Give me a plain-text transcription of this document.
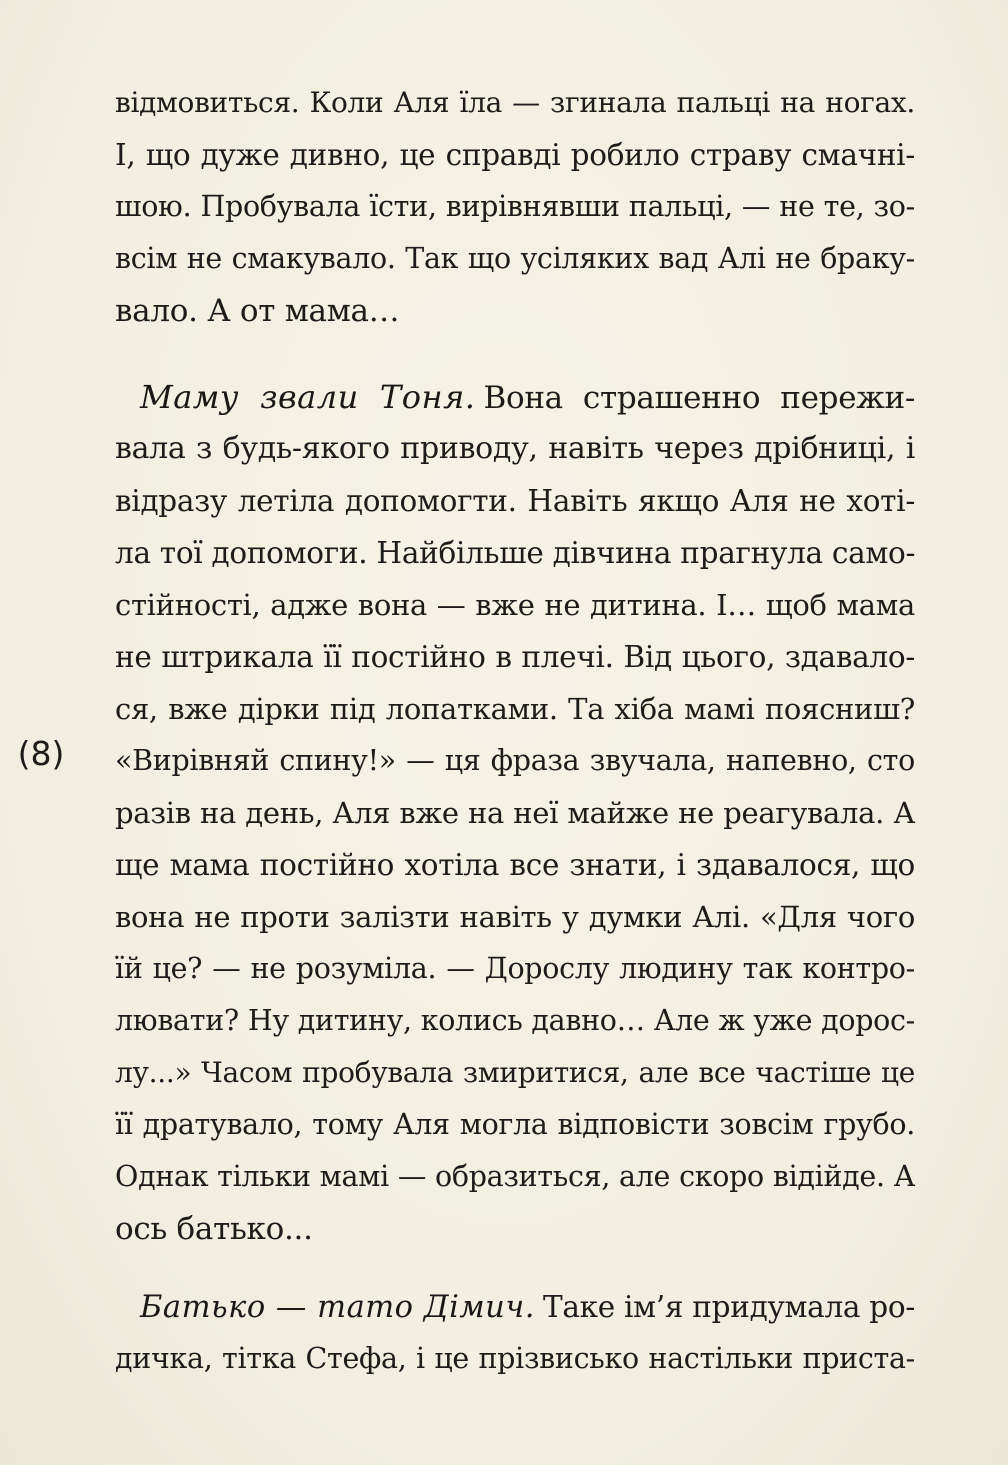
відмовиться. Коли Аля їла — згинала пальці на ногах.
І, що дуже дивно, це справді робило страву смачні-
шою. Пробувала їсти, вирівнявши пальці, — не те, зо-
всім не смакувало. Так що усіляких вад Алі не браку-
вало. А от мама…
Маму звали Тоня. Вона страшенно пережи-
вала з будь-якого приводу, навіть через дрібниці, і
відразу летіла допомогти. Навіть якщо Аля не хоті-
ла тої допомоги. Найбільше дівчина прагнула само-
стійності, адже вона — вже не дитина. І… щоб мама
не штрикала її постійно в плечі. Від цього, здавало-
ся, вже дірки під лопатками. Та хіба мамі поясниш?
«Вирівняй спину!» — ця фраза звучала, напевно, сто
разів на день, Аля вже на неї майже не реагувала. А
ще мама постійно хотіла все знати, і здавалося, що
вона не проти залізти навіть у думки Алі. «Для чого
їй це? — не розуміла. — Дорослу людину так контро-
лювати? Ну дитину, колись давно… Але ж уже дорос-
лу...» Часом пробувала змиритися, але все частіше це
її дратувало, тому Аля могла відповісти зовсім грубо.
Однак тільки мамі — образиться, але скоро відійде. А
ось батько...
Батько — тато Дімич. Таке ім’я придумала ро-
дичка, тітка Стефа, і це прізвисько настільки приста-
(8)
